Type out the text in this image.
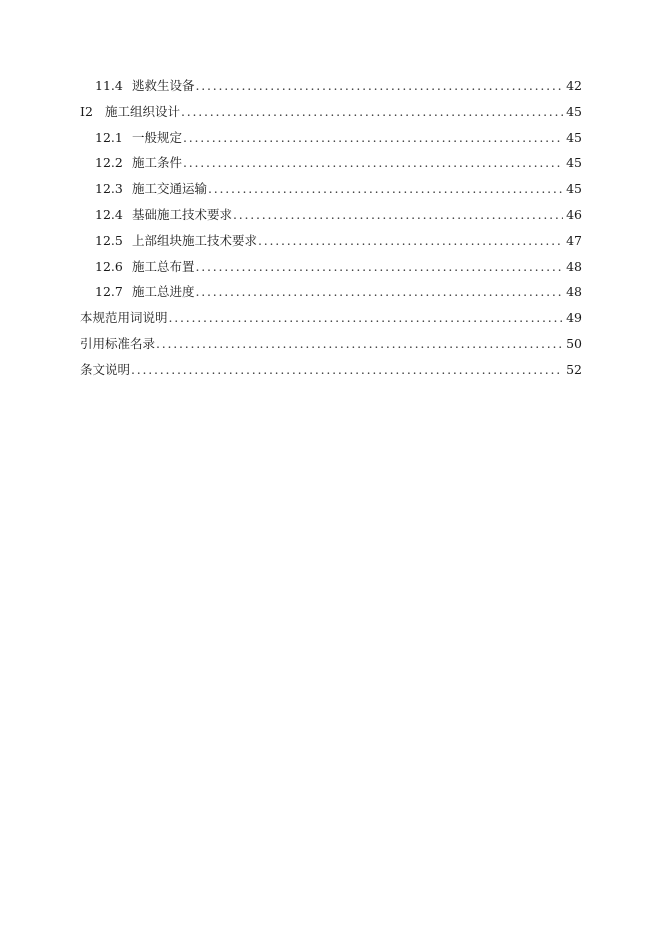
11.4 逃救生设备 . . .	42
I2 施工组织设计 . . .	45
12.1 一般规定 . . .	45
12.2 施工条件 . . .	45
12.3 施工交通运输 . . .	45
12.4 基础施工技术要求 . . .	46
12.5 上部组块施工技术要求 . . .	47
12.6 施工总布置 . . .	48
12.7 施工总进度 . . .	48
本规范用词说明 . . .	49
引用标准名录 . . .	50
条文说明 . . .	52
